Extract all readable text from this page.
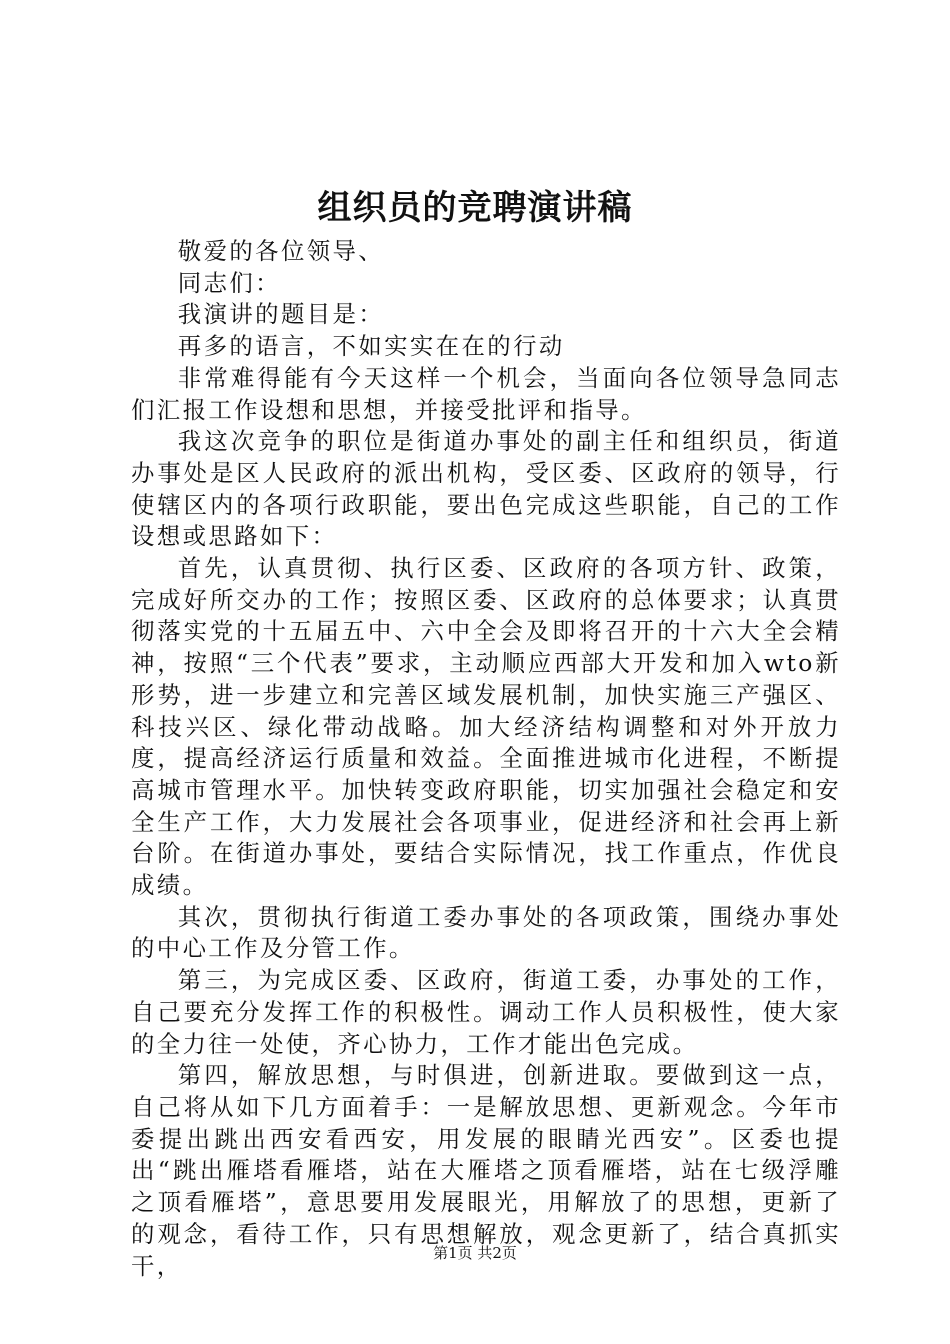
组织员的竞聘演讲稿

敬爱的各位领导、

同志们：

我演讲的题目是：

再多的语言，不如实实在在的行动

非常难得能有今天这样一个机会，当面向各位领导急同志们汇报工作设想和思想，并接受批评和指导。

我这次竞争的职位是街道办事处的副主任和组织员，街道办事处是区人民政府的派出机构，受区委、区政府的领导，行使辖区内的各项行政职能，要出色完成这些职能，自己的工作设想或思路如下：

首先，认真贯彻、执行区委、区政府的各项方针、政策，完成好所交办的工作；按照区委、区政府的总体要求；认真贯彻落实党的十五届五中、六中全会及即将召开的十六大全会精神，按照“三个代表”要求，主动顺应西部大开发和加入wto新形势，进一步建立和完善区域发展机制，加快实施三产强区、科技兴区、绿化带动战略。加大经济结构调整和对外开放力度，提高经济运行质量和效益。全面推进城市化进程，不断提高城市管理水平。加快转变政府职能，切实加强社会稳定和安全生产工作，大力发展社会各项事业，促进经济和社会再上新台阶。在街道办事处，要结合实际情况，找工作重点，作优良成绩。

其次，贯彻执行街道工委办事处的各项政策，围绕办事处的中心工作及分管工作。

第三，为完成区委、区政府，街道工委，办事处的工作，自己要充分发挥工作的积极性。调动工作人员积极性，使大家的全力往一处使，齐心协力，工作才能出色完成。

第四，解放思想，与时俱进，创新进取。要做到这一点，自己将从如下几方面着手：一是解放思想、更新观念。今年市委提出跳出西安看西安，用发展的眼睛光西安”。区委也提出“跳出雁塔看雁塔，站在大雁塔之顶看雁塔，站在七级浮雕之顶看雁塔”，意思要用发展眼光，用解放了的思想，更新了的观念，看待工作，只有思想解放，观念更新了，结合真抓实干，	第1页 共2页
